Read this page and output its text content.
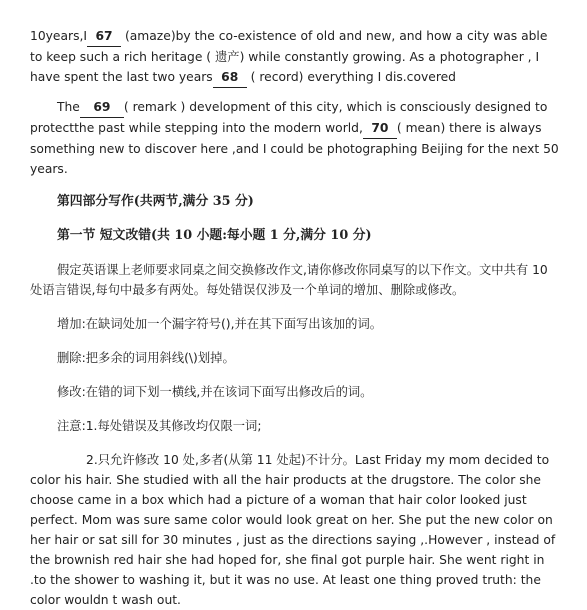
10years,I 67 (amaze)by the co-existence of old and new, and how a city was able to keep such a rich heritage ( 遗产) while constantly growing. As a photographer , I have spent the last two years 68 ( record) everything I dis.covered

The 69 ( remark ) development of this city, which is consciously designed to protectthe past while stepping into the modern world, 70 ( mean) there is always something new to discover here ,and I could be photographing Beijing for the next 50 years.

第四部分写作(共两节,满分 35 分)

第一节 短文改错(共 10 小题:每小题 1 分,满分 10 分)

假定英语课上老师要求同桌之间交换修改作文,请你修改你同桌写的以下作文。文中共有 10 处语言错误,每句中最多有两处。每处错误仅涉及一个单词的增加、删除或修改。

增加:在缺词处加一个漏字符号(),并在其下面写出该加的词。

删除:把多余的词用斜线(\)划掉。

修改:在错的词下划一横线,并在该词下面写出修改后的词。

注意:1.每处错误及其修改均仅限一词;

2.只允许修改 10 处,多者(从第 11 处起)不计分。Last Friday my mom decided to color his hair. She studied with all the hair products at the drugstore. The color she choose came in a box which had a picture of a woman that hair color looked just perfect. Mom was sure same color would look great on her. She put the new color on her hair or sat sill for 30 minutes , just as the directions saying ,.However , instead of the brownish red hair she had hoped for, she final got purple hair. She went right in .to the shower to washing it, but it was no use. At least one thing proved truth: the color wouldn t wash out.
